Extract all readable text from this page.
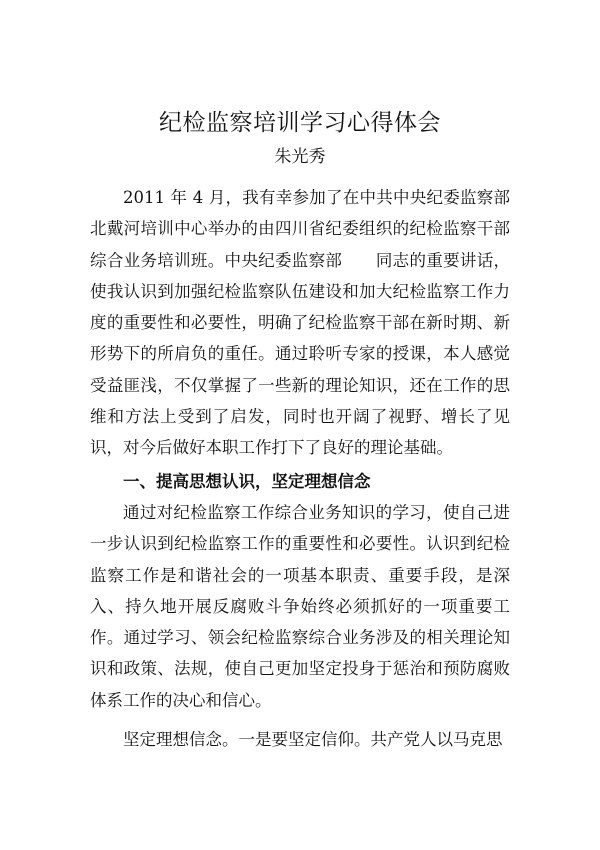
纪检监察培训学习心得体会
朱光秀

2011 年 4 月，我有幸参加了在中共中央纪委监察部北戴河培训中心举办的由四川省纪委组织的纪检监察干部综合业务培训班。中央纪委监察部　　同志的重要讲话，使我认识到加强纪检监察队伍建设和加大纪检监察工作力度的重要性和必要性，明确了纪检监察干部在新时期、新形势下的所肩负的重任。通过聆听专家的授课，本人感觉受益匪浅，不仅掌握了一些新的理论知识，还在工作的思维和方法上受到了启发，同时也开阔了视野、增长了见识，对今后做好本职工作打下了良好的理论基础。

一、提高思想认识，坚定理想信念

通过对纪检监察工作综合业务知识的学习，使自己进一步认识到纪检监察工作的重要性和必要性。认识到纪检监察工作是和谐社会的一项基本职责、重要手段，是深入、持久地开展反腐败斗争始终必须抓好的一项重要工作。通过学习、领会纪检监察综合业务涉及的相关理论知识和政策、法规，使自己更加坚定投身于惩治和预防腐败体系工作的决心和信心。

坚定理想信念。一是要坚定信仰。共产党人以马克思
